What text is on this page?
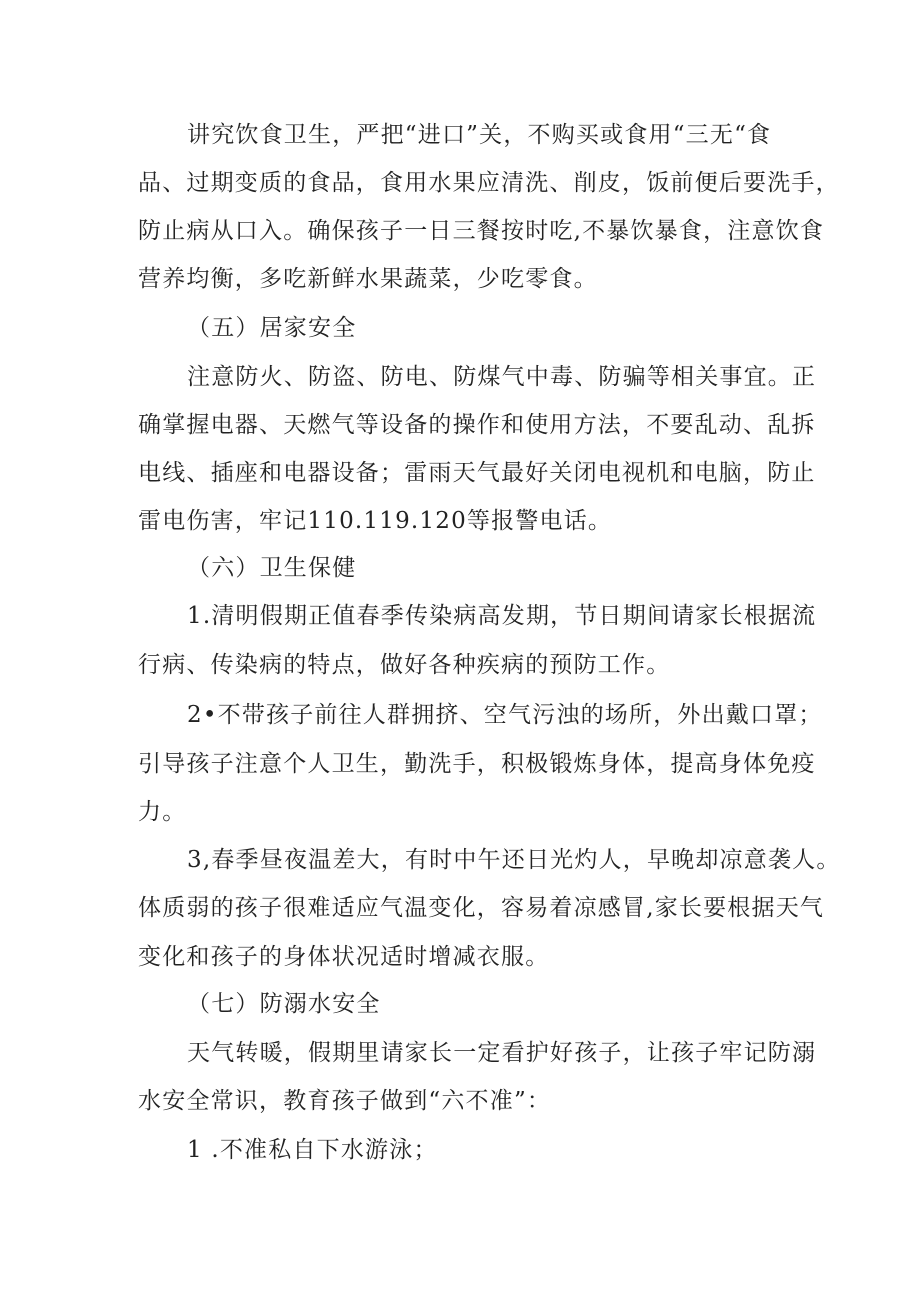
讲究饮食卫生，严把“进口”关，不购买或食用“三无“食
品、过期变质的食品，食用水果应清洗、削皮，饭前便后要洗手，
防止病从口入。确保孩子一日三餐按时吃,不暴饮暴食，注意饮食
营养均衡，多吃新鲜水果蔬菜，少吃零食。
（五）居家安全
注意防火、防盗、防电、防煤气中毒、防骗等相关事宜。正
确掌握电器、天燃气等设备的操作和使用方法，不要乱动、乱拆
电线、插座和电器设备；雷雨天气最好关闭电视机和电脑，防止
雷电伤害，牢记110.119.120等报警电话。
（六）卫生保健
1.清明假期正值春季传染病高发期，节日期间请家长根据流
行病、传染病的特点，做好各种疾病的预防工作。
2•不带孩子前往人群拥挤、空气污浊的场所，外出戴口罩；
引导孩子注意个人卫生，勤洗手，积极锻炼身体，提高身体免疫
力。
3,春季昼夜温差大，有时中午还日光灼人，早晚却凉意袭人。
体质弱的孩子很难适应气温变化，容易着凉感冒,家长要根据天气
变化和孩子的身体状况适时增减衣服。
（七）防溺水安全
天气转暖，假期里请家长一定看护好孩子，让孩子牢记防溺
水安全常识，教育孩子做到“六不准”：
1 .不准私自下水游泳；
